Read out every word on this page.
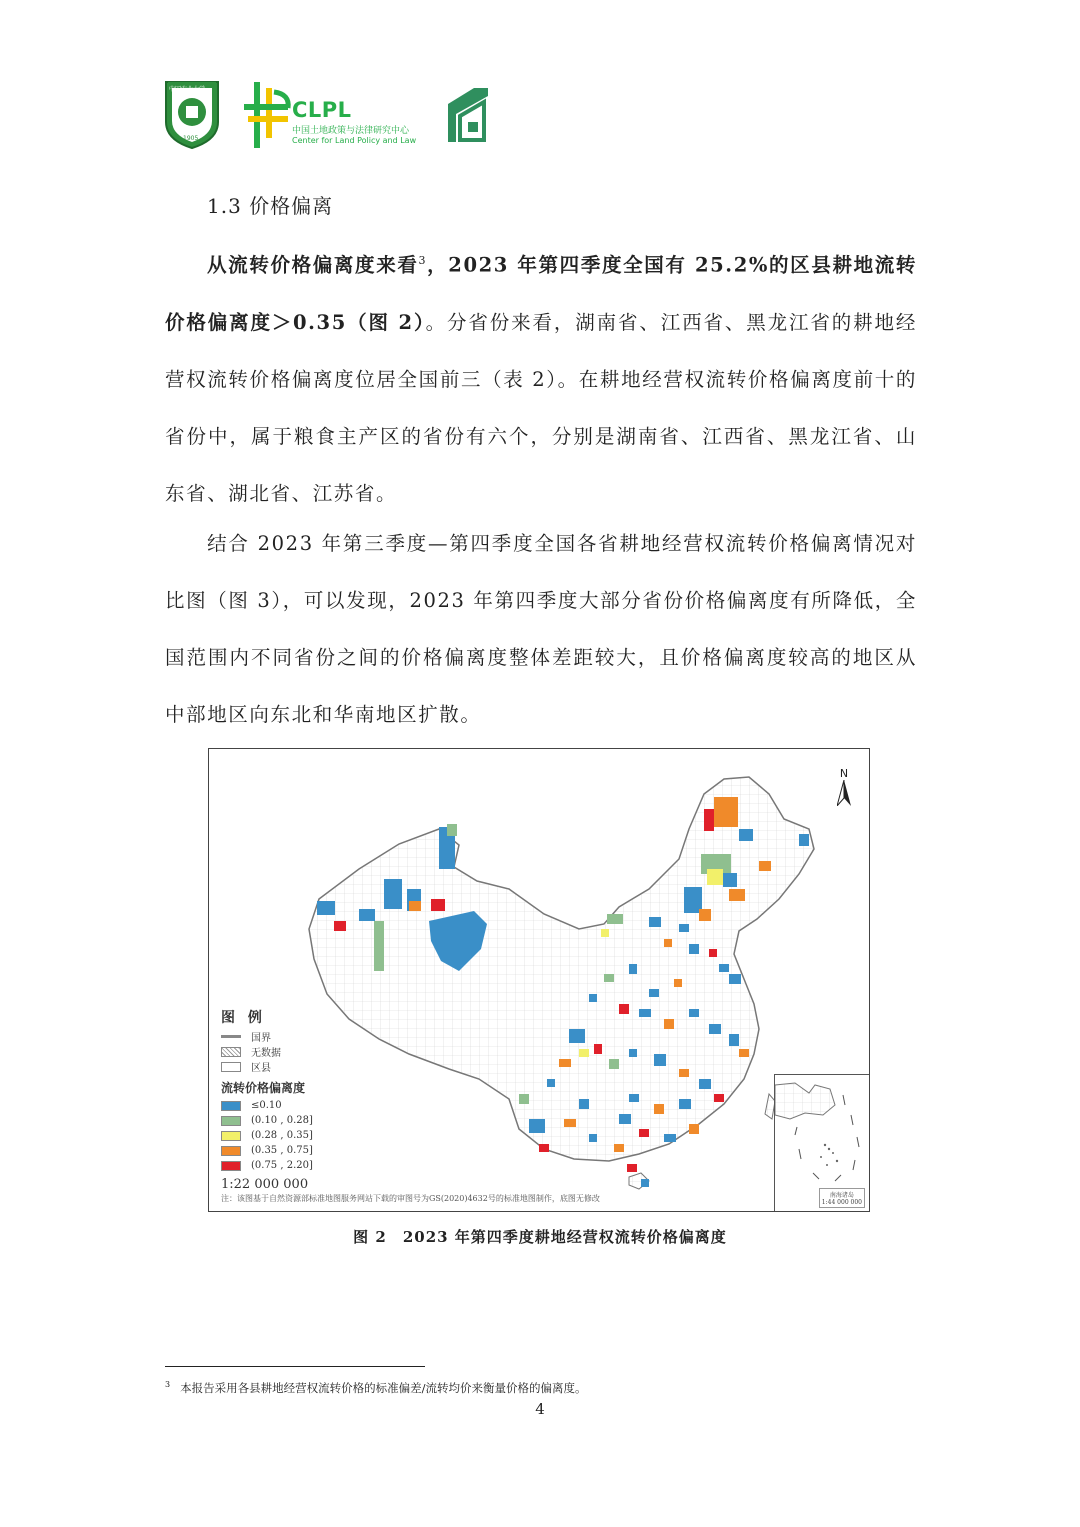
中国农业大学
1905
CLPL
中国土地政策与法律研究中心
Center for Land Policy and Law
1.3 价格偏离
从流转价格偏离度来看$^3$，2023 年第四季度全国有 25.2%的区县耕地流转价格偏离度＞0.35（图 2）。分省份来看，湖南省、江西省、黑龙江省的耕地经营权流转价格偏离度位居全国前三（表 2）。在耕地经营权流转价格偏离度前十的省份中，属于粮食主产区的省份有六个，分别是湖南省、江西省、黑龙江省、山东省、湖北省、江苏省。
结合 2023 年第三季度—第四季度全国各省耕地经营权流转价格偏离情况对比图（图 3），可以发现，2023 年第四季度大部分省份价格偏离度有所降低，全国范围内不同省份之间的价格偏离度整体差距较大，且价格偏离度较高的地区从中部地区向东北和华南地区扩散。
N
图 例
国界
无数据
区县
流转价格偏离度
≤0.10
(0.10 , 0.28]
(0.28 , 0.35]
(0.35 , 0.75]
(0.75 , 2.20]
1:22 000 000
注：该图基于自然资源部标准地图服务网站下载的审图号为GS(2020)4632号的标准地图制作，底图无修改	南海诸岛
1:44 000 000
图 2　2023 年第四季度耕地经营权流转价格偏离度
$^3$ 本报告采用各县耕地经营权流转价格的标准偏差/流转均价来衡量价格的偏离度。
4
